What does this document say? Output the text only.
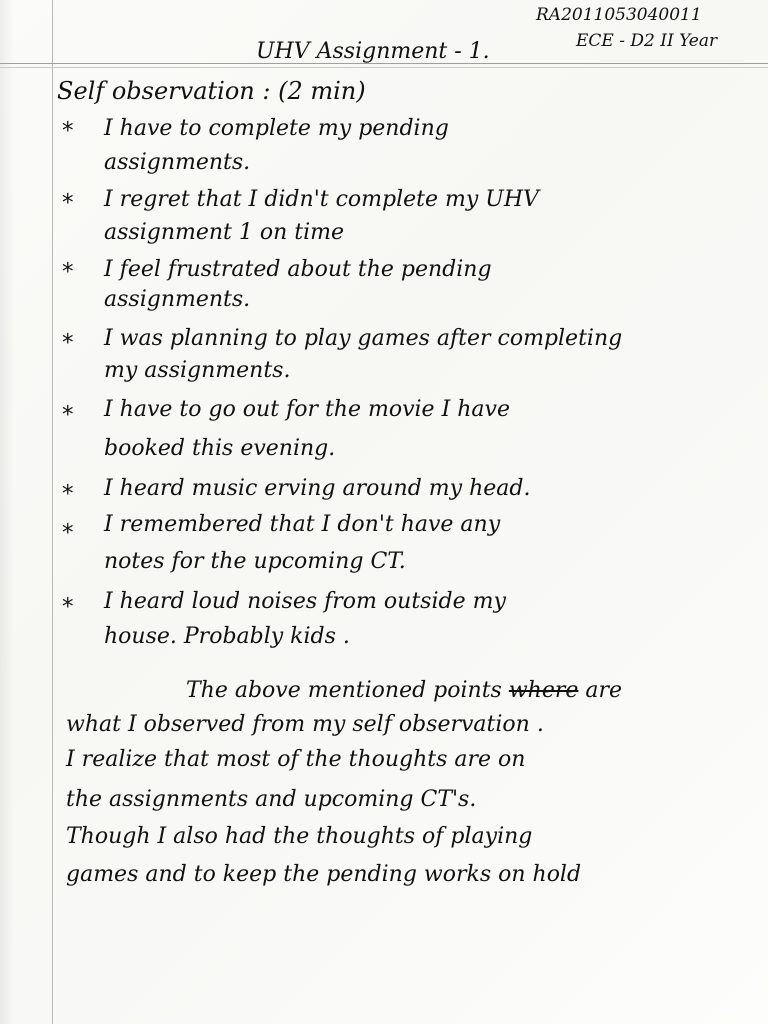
RA2011053040011
ECE - D2 II Year
UHV Assignment - 1.
Self observation : (2 min)
* I have to complete my pending
assignments.
* I regret that I didn't complete my UHV
assignment 1 on time
* I feel frustrated about the pending
assignments.
* I was planning to play games after completing
my assignments.
* I have to go out for the movie I have
booked this evening.
* I heard music erving around my head.
* I remembered that I don't have any
notes for the upcoming CT.
* I heard loud noises from outside my
house. Probably kids .
The above mentioned points where are
what I observed from my self observation .
I realize that most of the thoughts are on
the assignments and upcoming CT's.
Though I also had the thoughts of playing
games and to keep the pending works on hold
